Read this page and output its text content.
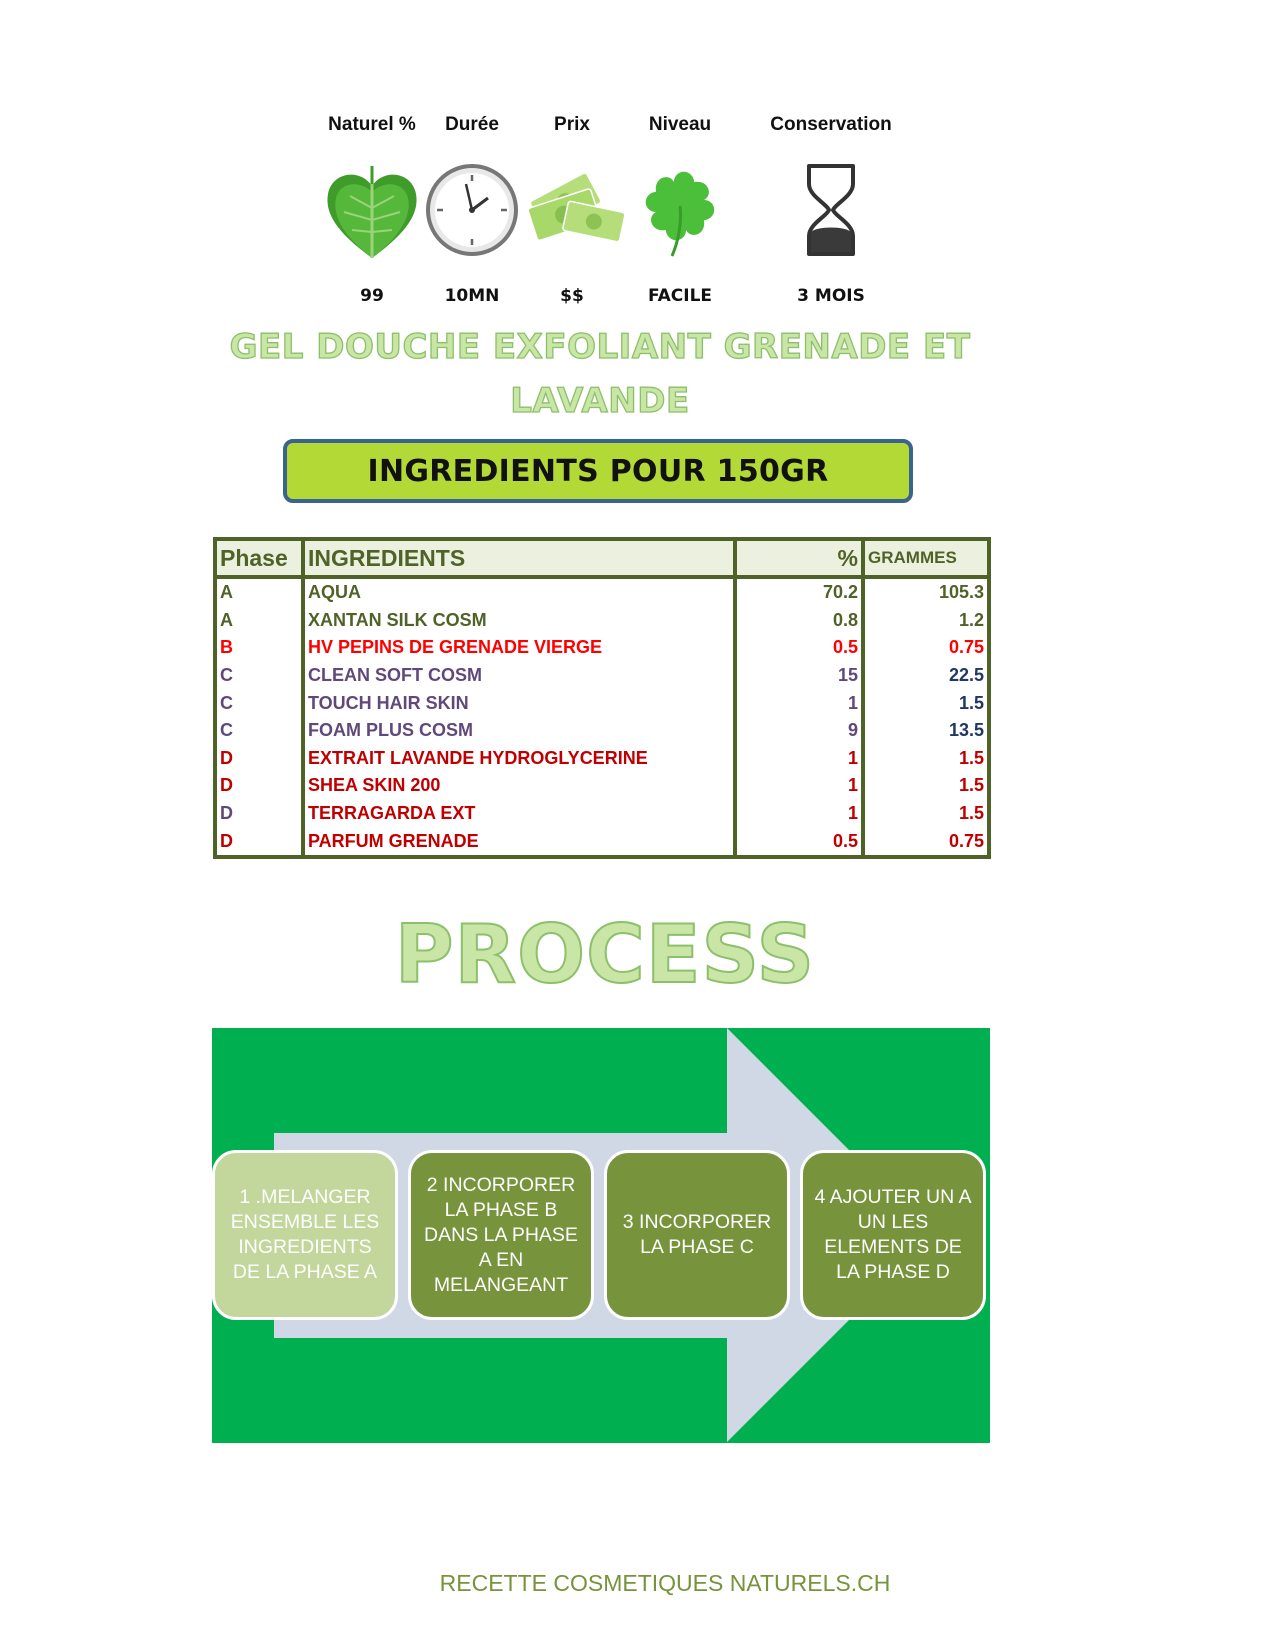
Naturel %
99
Durée
10MN
Prix
$$
Niveau
FACILE
Conservation
3 MOIS
GEL DOUCHE EXFOLIANT GRENADE ET
LAVANDE
INGREDIENTS POUR 150GR
Phase	INGREDIENTS	%	GRAMMES
A	AQUA	70.2	105.3
A	XANTAN SILK COSM	0.8	1.2
B	HV PEPINS DE GRENADE VIERGE	0.5	0.75
C	CLEAN SOFT COSM	15	22.5
C	TOUCH HAIR SKIN	1	1.5
C	FOAM PLUS COSM	9	13.5
D	EXTRAIT LAVANDE HYDROGLYCERINE	1	1.5
D	SHEA SKIN 200	1	1.5
D	TERRAGARDA EXT	1	1.5
D	PARFUM GRENADE	0.5	0.75
PROCESS
1 .MELANGER
ENSEMBLE LES
INGREDIENTS
DE LA PHASE A
2 INCORPORER
LA PHASE B
DANS LA PHASE
A EN
MELANGEANT
3 INCORPORER
LA PHASE C
4 AJOUTER UN A
UN LES
ELEMENTS DE
LA PHASE D
RECETTE COSMETIQUES NATURELS.CH
